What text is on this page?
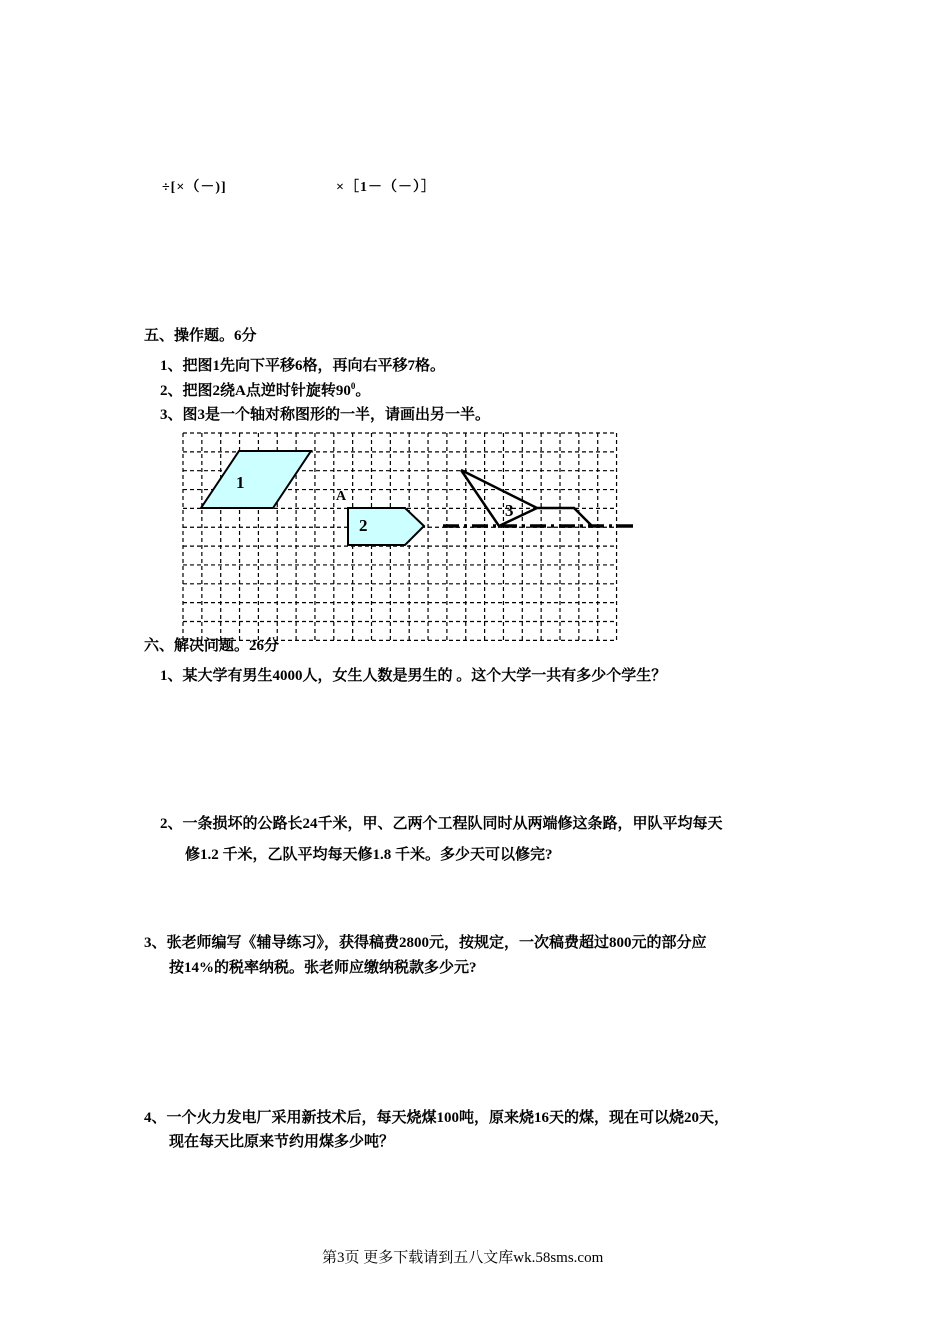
÷[×（－)]	×［1－（－）］
五、操作题。6分
1、把图1先向下平移6格，再向右平移7格。
2、把图2绕A点逆时针旋转$90^0$。
3、图3是一个轴对称图形的一半，请画出另一半。
1
2
3
A
六、解决问题。26分
1、某大学有男生4000人，女生人数是男生的 。这个大学一共有多少个学生？
2、一条损坏的公路长24千米，甲、乙两个工程队同时从两端修这条路，甲队平均每天
修1.2 千米，乙队平均每天修1.8 千米。多少天可以修完?
3、张老师编写《辅导练习》，获得稿费2800元，按规定，一次稿费超过800元的部分应
按14%的税率纳税。张老师应缴纳税款多少元?
4、一个火力发电厂采用新技术后，每天烧煤100吨，原来烧16天的煤，现在可以烧20天，
现在每天比原来节约用煤多少吨？
第3页 更多下载请到五八文库wk.58sms.com
